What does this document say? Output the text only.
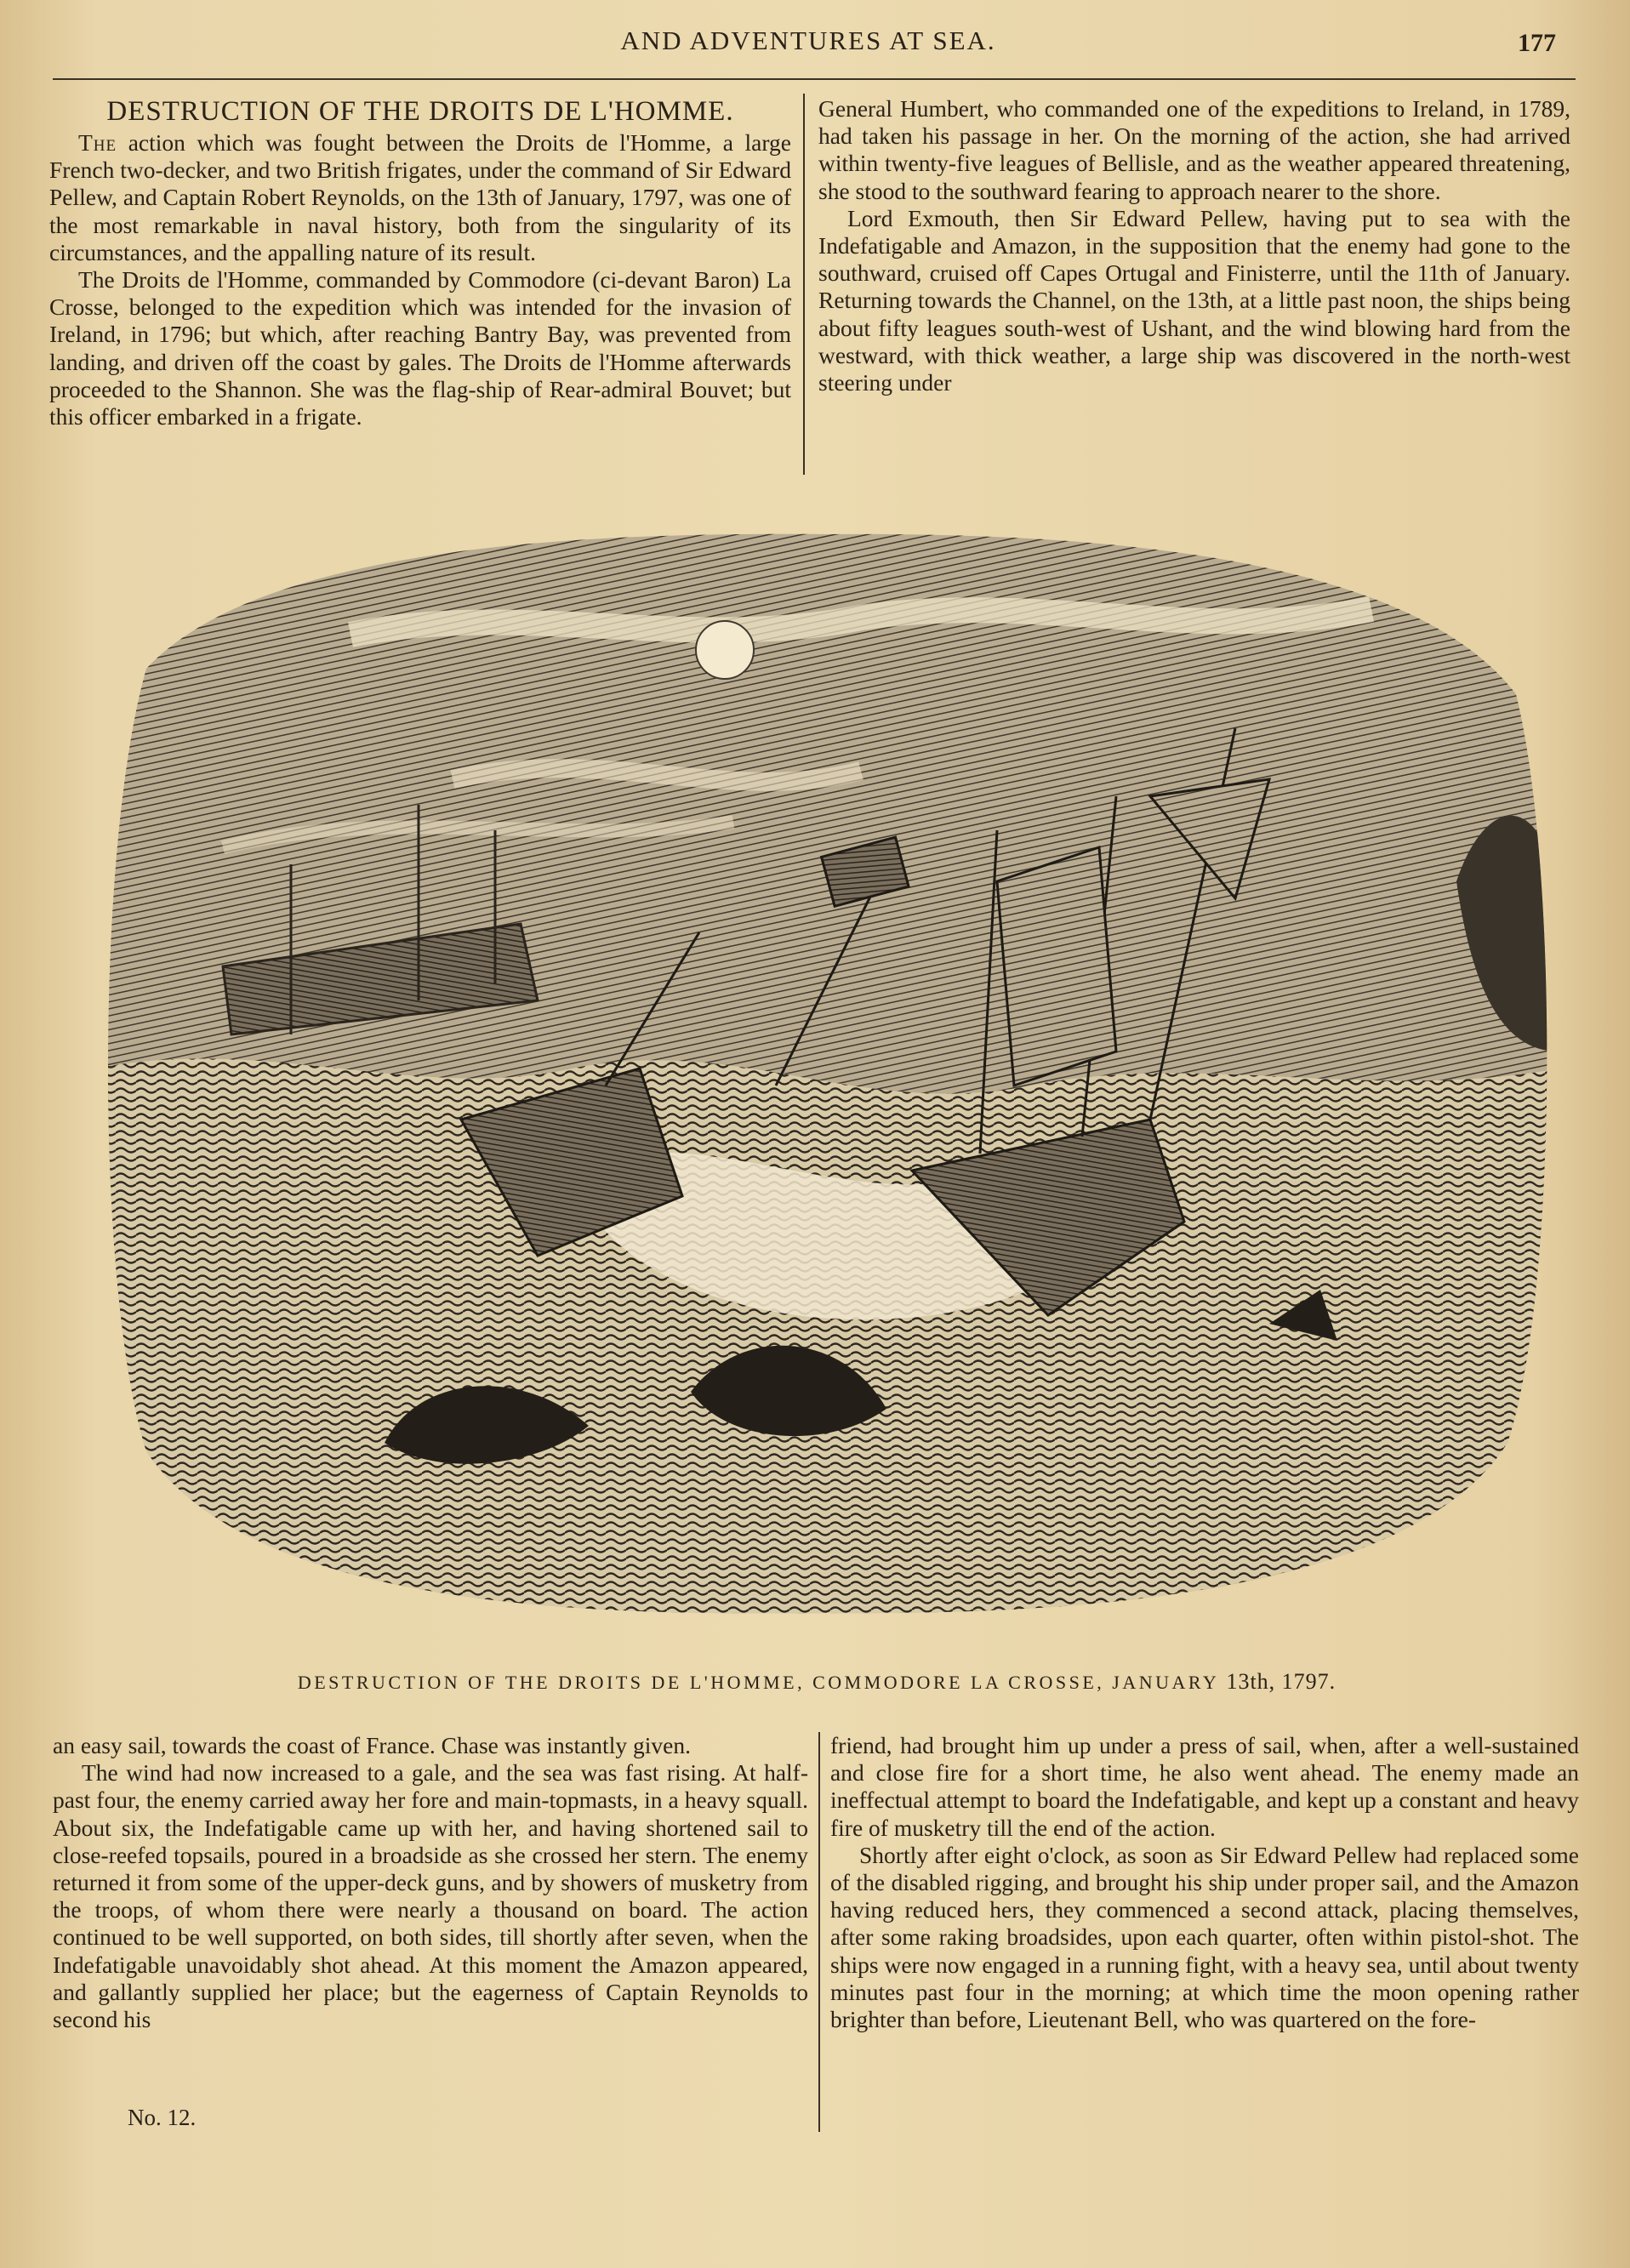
AND ADVENTURES AT SEA.	177
DESTRUCTION OF THE DROITS DE L'HOMME.

The action which was fought between the Droits de l'Homme, a large French two-decker, and two British frigates, under the command of Sir Edward Pellew, and Captain Robert Reynolds, on the 13th of January, 1797, was one of the most remarkable in naval history, both from the singularity of its circumstances, and the appalling nature of its result.

The Droits de l'Homme, commanded by Commodore (ci-devant Baron) La Crosse, belonged to the expedition which was intended for the invasion of Ireland, in 1796; but which, after reaching Bantry Bay, was prevented from landing, and driven off the coast by gales. The Droits de l'Homme afterwards proceeded to the Shannon. She was the flag-ship of Rear-admiral Bouvet; but this officer embarked in a frigate.

General Humbert, who commanded one of the expeditions to Ireland, in 1789, had taken his passage in her. On the morning of the action, she had arrived within twenty-five leagues of Bellisle, and as the weather appeared threatening, she stood to the southward fearing to approach nearer to the shore.

Lord Exmouth, then Sir Edward Pellew, having put to sea with the Indefatigable and Amazon, in the supposition that the enemy had gone to the southward, cruised off Capes Ortugal and Finisterre, until the 11th of January. Returning towards the Channel, on the 13th, at a little past noon, the ships being about fifty leagues south-west of Ushant, and the wind blowing hard from the westward, with thick weather, a large ship was discovered in the north-west steering under

DESTRUCTION OF THE DROITS DE L'HOMME, COMMODORE LA CROSSE, JANUARY 13th, 1797.

an easy sail, towards the coast of France. Chase was instantly given.

The wind had now increased to a gale, and the sea was fast rising. At half-past four, the enemy carried away her fore and main-topmasts, in a heavy squall. About six, the Indefatigable came up with her, and having shortened sail to close-reefed topsails, poured in a broadside as she crossed her stern. The enemy returned it from some of the upper-deck guns, and by showers of musketry from the troops, of whom there were nearly a thousand on board. The action continued to be well supported, on both sides, till shortly after seven, when the Indefatigable unavoidably shot ahead. At this moment the Amazon appeared, and gallantly supplied her place; but the eagerness of Captain Reynolds to second his

friend, had brought him up under a press of sail, when, after a well-sustained and close fire for a short time, he also went ahead. The enemy made an ineffectual attempt to board the Indefatigable, and kept up a constant and heavy fire of musketry till the end of the action.

Shortly after eight o'clock, as soon as Sir Edward Pellew had replaced some of the disabled rigging, and brought his ship under proper sail, and the Amazon having reduced hers, they commenced a second attack, placing themselves, after some raking broadsides, upon each quarter, often within pistol-shot. The ships were now engaged in a running fight, with a heavy sea, until about twenty minutes past four in the morning; at which time the moon opening rather brighter than before, Lieutenant Bell, who was quartered on the fore-

No. 12.
